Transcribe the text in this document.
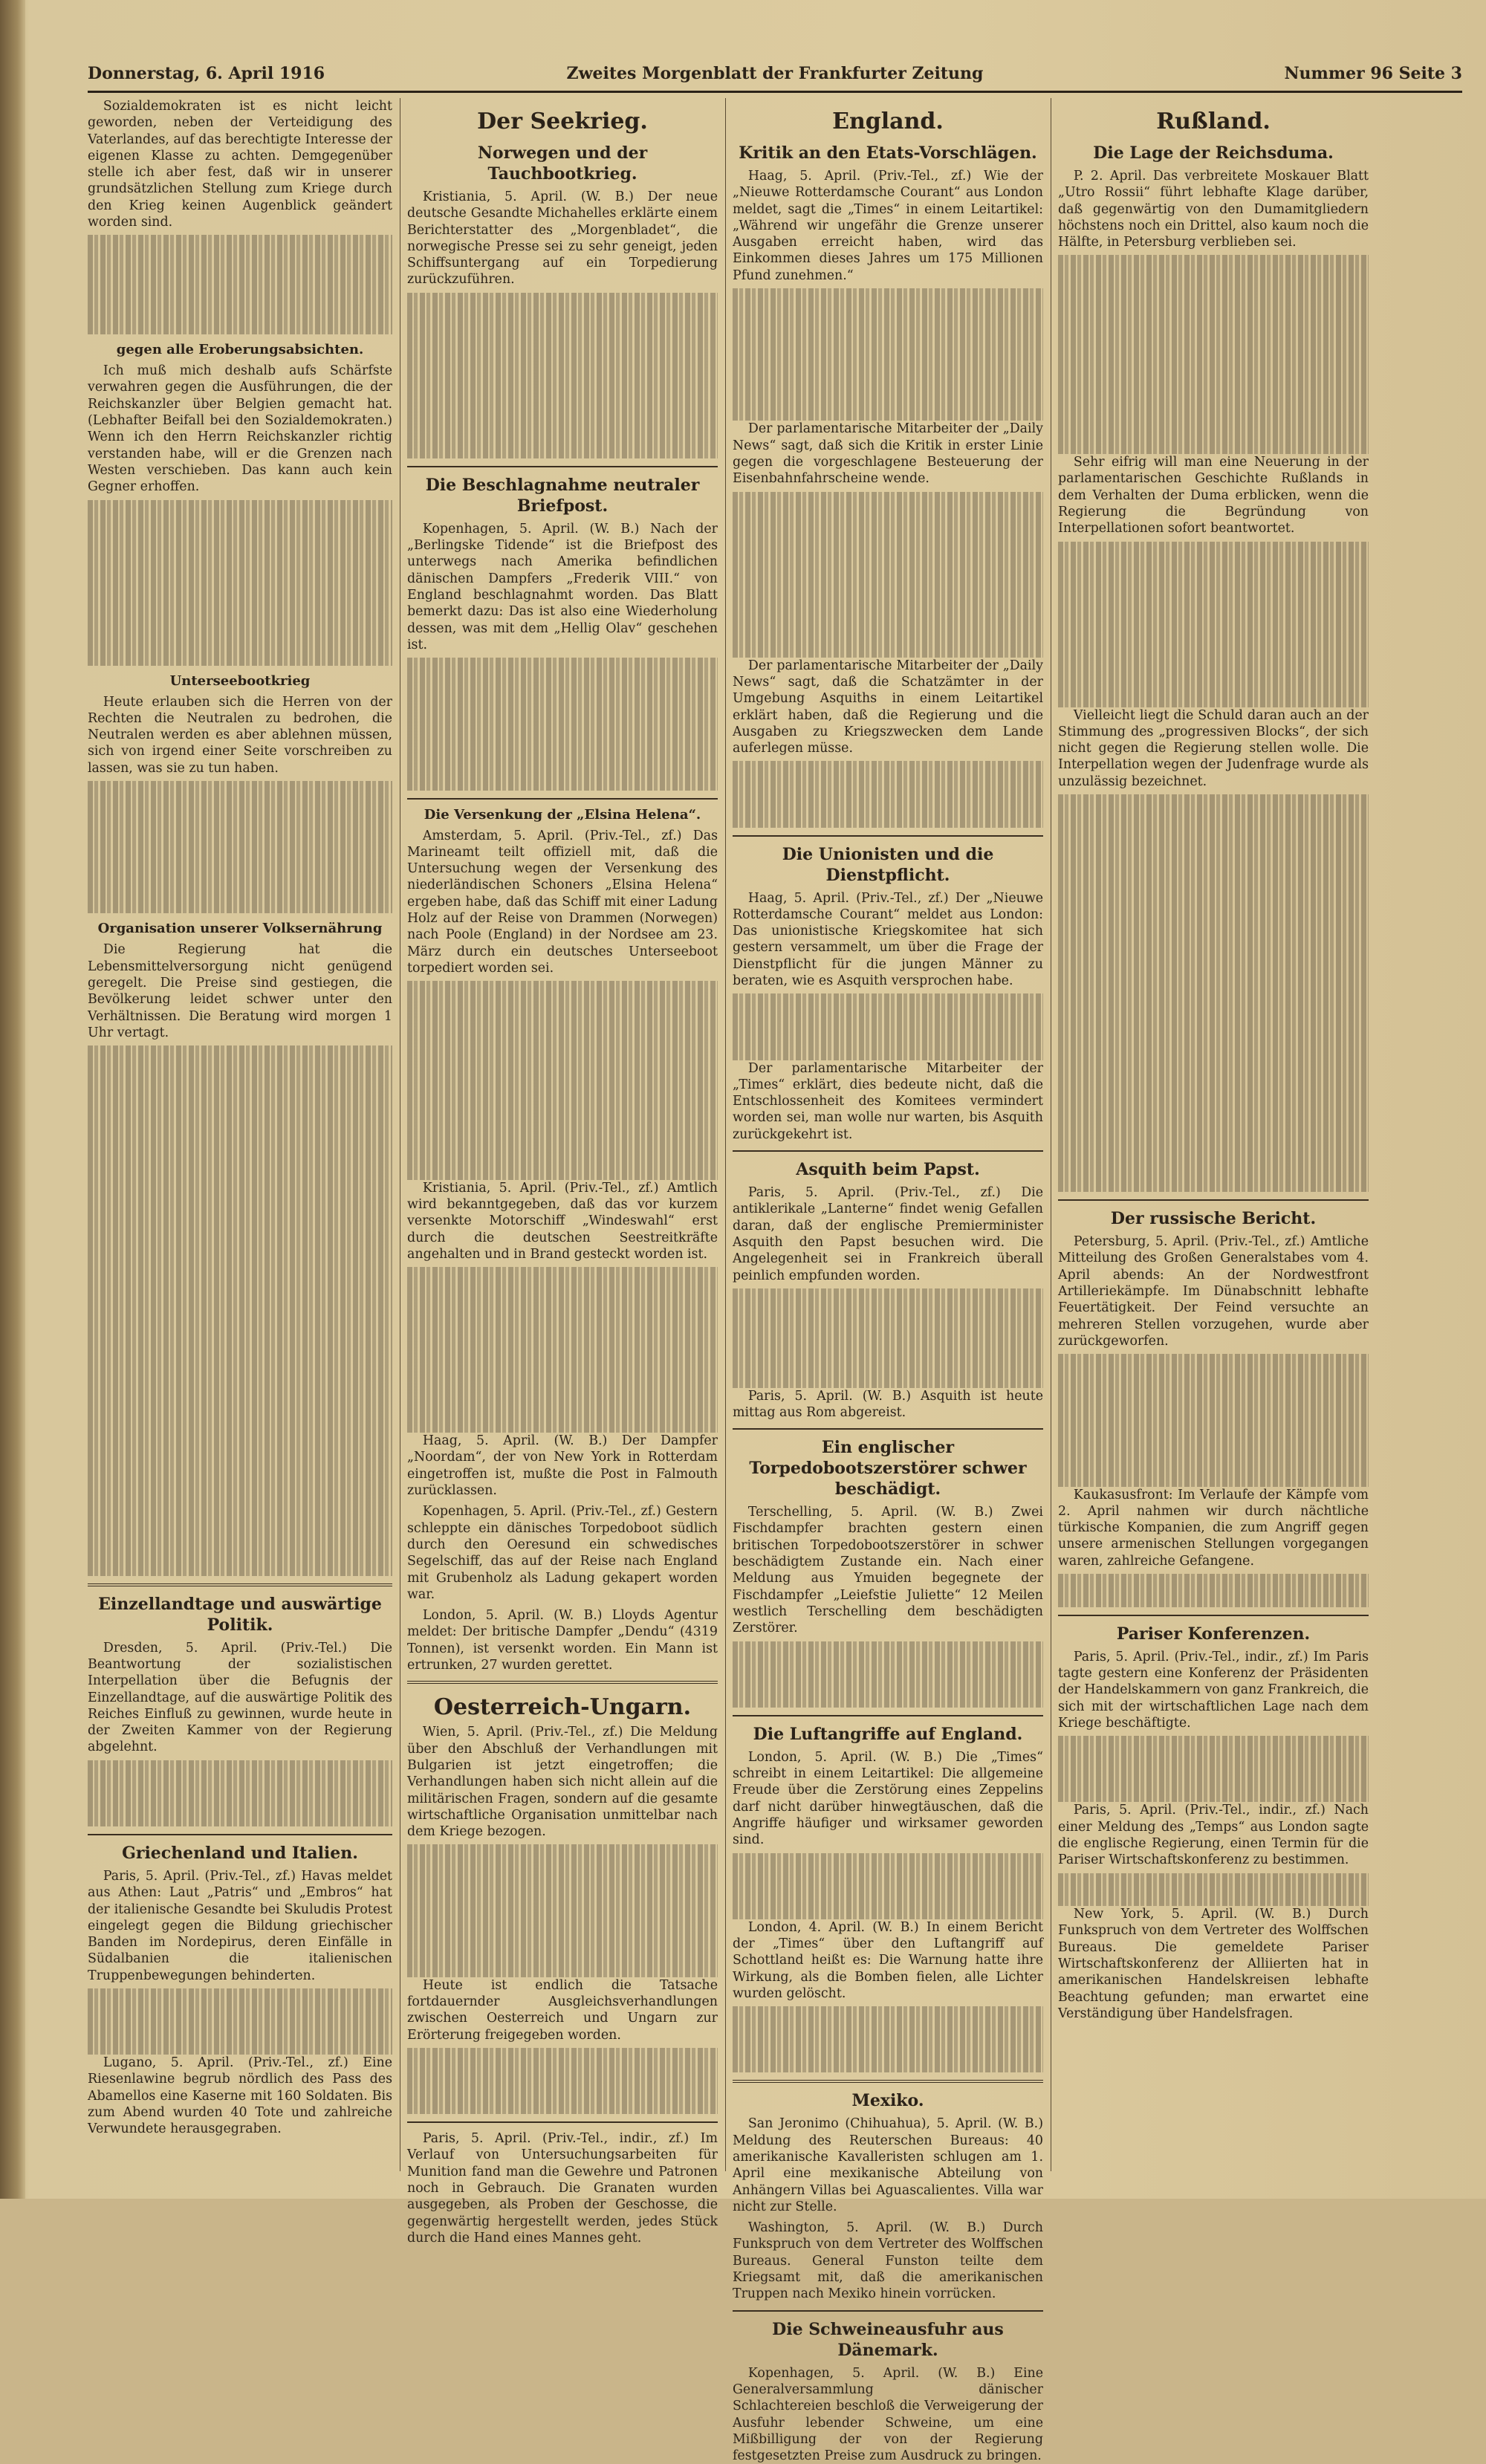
Donnerstag, 6. April 1916	Zweites Morgenblatt der Frankfurter Zeitung	Nummer 96 Seite 3

Sozialdemokraten ist es nicht leicht geworden, neben der Verteidigung des Vaterlandes, auf das berechtigte Interesse der eigenen Klasse zu achten. Demgegenüber stelle ich aber fest, daß wir in unserer grundsätzlichen Stellung zum Kriege durch den Krieg keinen Augenblick geändert worden sind.

gegen alle Eroberungsabsichten.

Ich muß mich deshalb aufs Schärfste verwahren gegen die Ausführungen, die der Reichskanzler über Belgien gemacht hat. (Lebhafter Beifall bei den Sozialdemokraten.) Wenn ich den Herrn Reichskanzler richtig verstanden habe, will er die Grenzen nach Westen verschieben. Das kann auch kein Gegner erhoffen.

Unterseebootkrieg

Heute erlauben sich die Herren von der Rechten die Neutralen zu bedrohen, die Neutralen werden es aber ablehnen müssen, sich von irgend einer Seite vorschreiben zu lassen, was sie zu tun haben.

Organisation unserer Volksernährung

Die Regierung hat die Lebensmittelversorgung nicht genügend geregelt. Die Preise sind gestiegen, die Bevölkerung leidet schwer unter den Verhältnissen. Die Beratung wird morgen 1 Uhr vertagt.

Einzellandtage und auswärtige Politik.

Dresden, 5. April. (Priv.-Tel.) Die Beantwortung der sozialistischen Interpellation über die Befugnis der Einzellandtage, auf die auswärtige Politik des Reiches Einfluß zu gewinnen, wurde heute in der Zweiten Kammer von der Regierung abgelehnt.

Griechenland und Italien.

Paris, 5. April. (Priv.-Tel., zf.) Havas meldet aus Athen: Laut „Patris“ und „Embros“ hat der italienische Gesandte bei Skuludis Protest eingelegt gegen die Bildung griechischer Banden im Nordepirus, deren Einfälle in Südalbanien die italienischen Truppenbewegungen behinderten.

Lugano, 5. April. (Priv.-Tel., zf.) Eine Riesenlawine begrub nördlich des Pass des Abamellos eine Kaserne mit 160 Soldaten. Bis zum Abend wurden 40 Tote und zahlreiche Verwundete herausgegraben.

Der Seekrieg.
Norwegen und der Tauchbootkrieg.

Kristiania, 5. April. (W. B.) Der neue deutsche Gesandte Michahelles erklärte einem Berichterstatter des „Morgenbladet“, die norwegische Presse sei zu sehr geneigt, jeden Schiffsuntergang auf ein Torpedierung zurückzuführen.

Die Beschlagnahme neutraler Briefpost.

Kopenhagen, 5. April. (W. B.) Nach der „Berlingske Tidende“ ist die Briefpost des unterwegs nach Amerika befindlichen dänischen Dampfers „Frederik VIII.“ von England beschlagnahmt worden. Das Blatt bemerkt dazu: Das ist also eine Wiederholung dessen, was mit dem „Hellig Olav“ geschehen ist.

Die Versenkung der „Elsina Helena“.

Amsterdam, 5. April. (Priv.-Tel., zf.) Das Marineamt teilt offiziell mit, daß die Untersuchung wegen der Versenkung des niederländischen Schoners „Elsina Helena“ ergeben habe, daß das Schiff mit einer Ladung Holz auf der Reise von Drammen (Norwegen) nach Poole (England) in der Nordsee am 23. März durch ein deutsches Unterseeboot torpediert worden sei.

Kristiania, 5. April. (Priv.-Tel., zf.) Amtlich wird bekanntgegeben, daß das vor kurzem versenkte Motorschiff „Windeswahl“ erst durch die deutschen Seestreitkräfte angehalten und in Brand gesteckt worden ist.

Haag, 5. April. (W. B.) Der Dampfer „Noordam“, der von New York in Rotterdam eingetroffen ist, mußte die Post in Falmouth zurücklassen.

Kopenhagen, 5. April. (Priv.-Tel., zf.) Gestern schleppte ein dänisches Torpedoboot südlich durch den Oeresund ein schwedisches Segelschiff, das auf der Reise nach England mit Grubenholz als Ladung gekapert worden war.

London, 5. April. (W. B.) Lloyds Agentur meldet: Der britische Dampfer „Dendu“ (4319 Tonnen), ist versenkt worden. Ein Mann ist ertrunken, 27 wurden gerettet.

Oesterreich-Ungarn.

Wien, 5. April. (Priv.-Tel., zf.) Die Meldung über den Abschluß der Verhandlungen mit Bulgarien ist jetzt eingetroffen; die Verhandlungen haben sich nicht allein auf die militärischen Fragen, sondern auf die gesamte wirtschaftliche Organisation unmittelbar nach dem Kriege bezogen.

Heute ist endlich die Tatsache fortdauernder Ausgleichsverhandlungen zwischen Oesterreich und Ungarn zur Erörterung freigegeben worden.

Paris, 5. April. (Priv.-Tel., indir., zf.) Im Verlauf von Untersuchungsarbeiten für Munition fand man die Gewehre und Patronen noch in Gebrauch. Die Granaten wurden ausgegeben, als Proben der Geschosse, die gegenwärtig hergestellt werden, jedes Stück durch die Hand eines Mannes geht.

England.
Kritik an den Etats-Vorschlägen.

Haag, 5. April. (Priv.-Tel., zf.) Wie der „Nieuwe Rotterdamsche Courant“ aus London meldet, sagt die „Times“ in einem Leitartikel: „Während wir ungefähr die Grenze unserer Ausgaben erreicht haben, wird das Einkommen dieses Jahres um 175 Millionen Pfund zunehmen.“

Der parlamentarische Mitarbeiter der „Daily News“ sagt, daß sich die Kritik in erster Linie gegen die vorgeschlagene Besteuerung der Eisenbahnfahrscheine wende.

Der parlamentarische Mitarbeiter der „Daily News“ sagt, daß die Schatzämter in der Umgebung Asquiths in einem Leitartikel erklärt haben, daß die Regierung und die Ausgaben zu Kriegszwecken dem Lande auferlegen müsse.

Die Unionisten und die Dienstpflicht.

Haag, 5. April. (Priv.-Tel., zf.) Der „Nieuwe Rotterdamsche Courant“ meldet aus London: Das unionistische Kriegskomitee hat sich gestern versammelt, um über die Frage der Dienstpflicht für die jungen Männer zu beraten, wie es Asquith versprochen habe.

Der parlamentarische Mitarbeiter der „Times“ erklärt, dies bedeute nicht, daß die Entschlossenheit des Komitees vermindert worden sei, man wolle nur warten, bis Asquith zurückgekehrt ist.

Asquith beim Papst.

Paris, 5. April. (Priv.-Tel., zf.) Die antiklerikale „Lanterne“ findet wenig Gefallen daran, daß der englische Premierminister Asquith den Papst besuchen wird. Die Angelegenheit sei in Frankreich überall peinlich empfunden worden.

Paris, 5. April. (W. B.) Asquith ist heute mittag aus Rom abgereist.

Ein englischer Torpedobootszerstörer schwer beschädigt.

Terschelling, 5. April. (W. B.) Zwei Fischdampfer brachten gestern einen britischen Torpedobootszerstörer in schwer beschädigtem Zustande ein. Nach einer Meldung aus Ymuiden begegnete der Fischdampfer „Leiefstie Juliette“ 12 Meilen westlich Terschelling dem beschädigten Zerstörer.

Die Luftangriffe auf England.

London, 5. April. (W. B.) Die „Times“ schreibt in einem Leitartikel: Die allgemeine Freude über die Zerstörung eines Zeppelins darf nicht darüber hinwegtäuschen, daß die Angriffe häufiger und wirksamer geworden sind.

London, 4. April. (W. B.) In einem Bericht der „Times“ über den Luftangriff auf Schottland heißt es: Die Warnung hatte ihre Wirkung, als die Bomben fielen, alle Lichter wurden gelöscht.

Mexiko.

San Jeronimo (Chihuahua), 5. April. (W. B.) Meldung des Reuterschen Bureaus: 40 amerikanische Kavalleristen schlugen am 1. April eine mexikanische Abteilung von Anhängern Villas bei Aguascalientes. Villa war nicht zur Stelle.

Washington, 5. April. (W. B.) Durch Funkspruch von dem Vertreter des Wolffschen Bureaus. General Funston teilte dem Kriegsamt mit, daß die amerikanischen Truppen nach Mexiko hinein vorrücken.

Die Schweineausfuhr aus Dänemark.

Kopenhagen, 5. April. (W. B.) Eine Generalversammlung dänischer Schlachtereien beschloß die Verweigerung der Ausfuhr lebender Schweine, um eine Mißbilligung der von der Regierung festgesetzten Preise zum Ausdruck zu bringen.

Rußland.
Die Lage der Reichsduma.

P. 2. April. Das verbreitete Moskauer Blatt „Utro Rossii“ führt lebhafte Klage darüber, daß gegenwärtig von den Dumamitgliedern höchstens noch ein Drittel, also kaum noch die Hälfte, in Petersburg verblieben sei.

Sehr eifrig will man eine Neuerung in der parlamentarischen Geschichte Rußlands in dem Verhalten der Duma erblicken, wenn die Regierung die Begründung von Interpellationen sofort beantwortet.

Vielleicht liegt die Schuld daran auch an der Stimmung des „progressiven Blocks“, der sich nicht gegen die Regierung stellen wolle. Die Interpellation wegen der Judenfrage wurde als unzulässig bezeichnet.

Der russische Bericht.

Petersburg, 5. April. (Priv.-Tel., zf.) Amtliche Mitteilung des Großen Generalstabes vom 4. April abends: An der Nordwestfront Artilleriekämpfe. Im Dünabschnitt lebhafte Feuertätigkeit. Der Feind versuchte an mehreren Stellen vorzugehen, wurde aber zurückgeworfen.

Kaukasusfront: Im Verlaufe der Kämpfe vom 2. April nahmen wir durch nächtliche türkische Kompanien, die zum Angriff gegen unsere armenischen Stellungen vorgegangen waren, zahlreiche Gefangene.

Pariser Konferenzen.

Paris, 5. April. (Priv.-Tel., indir., zf.) Im Paris tagte gestern eine Konferenz der Präsidenten der Handelskammern von ganz Frankreich, die sich mit der wirtschaftlichen Lage nach dem Kriege beschäftigte.

Paris, 5. April. (Priv.-Tel., indir., zf.) Nach einer Meldung des „Temps“ aus London sagte die englische Regierung, einen Termin für die Pariser Wirtschaftskonferenz zu bestimmen.

New York, 5. April. (W. B.) Durch Funkspruch von dem Vertreter des Wolffschen Bureaus. Die gemeldete Pariser Wirtschaftskonferenz der Alliierten hat in amerikanischen Handelskreisen lebhafte Beachtung gefunden; man erwartet eine Verständigung über Handelsfragen.
